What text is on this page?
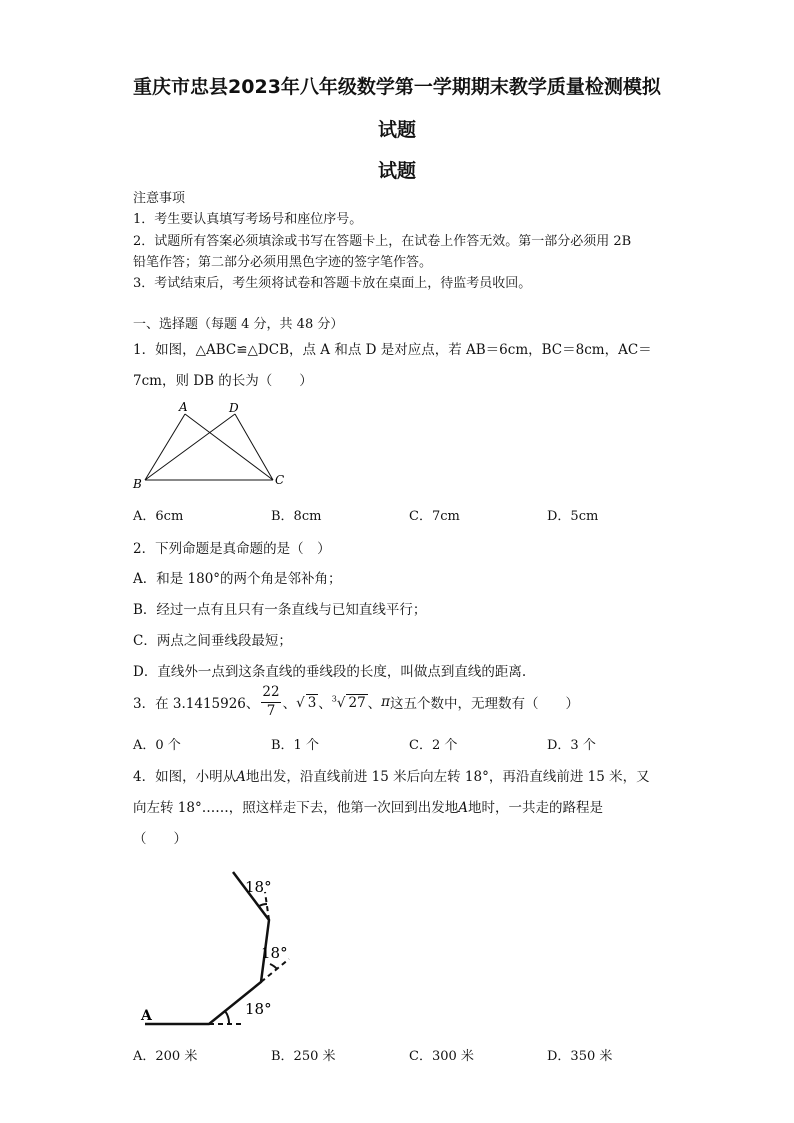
重庆市忠县2023年八年级数学第一学期期末教学质量检测模拟
试题
试题
注意事项
1．考生要认真填写考场号和座位序号。
2．试题所有答案必须填涂或书写在答题卡上，在试卷上作答无效。第一部分必须用 2B
铅笔作答；第二部分必须用黑色字迹的签字笔作答。
3．考试结束后，考生须将试卷和答题卡放在桌面上，待监考员收回。
一、选择题（每题 4 分，共 48 分）
1．如图，△ABC≌△DCB，点 A 和点 D 是对应点，若 AB＝6cm，BC＝8cm，AC＝
7cm，则 DB 的长为（　　）
A	D
B	C
A．6cm	B．8cm	C．7cm	D．5cm
2．下列命题是真命题的是（　）
A．和是 180°的两个角是邻补角；
B．经过一点有且只有一条直线与已知直线平行；
C．两点之间垂线段最短；
D．直线外一点到这条直线的垂线段的长度，叫做点到直线的距离.
3．在 3.1415926、 $\frac{22}{7}$ 、 √ 3 、 $^3$√ 27 、 π 这五个数中，无理数有（　　）
A．0 个	B．1 个	C．2 个	D．3 个
4．如图，小明从A地出发，沿直线前进 15 米后向左转 18°，再沿直线前进 15 米，又
向左转 18°……，照这样走下去，他第一次回到出发地A地时，一共走的路程是
（　　）
A	18°
18°
18°
A．200 米	B．250 米	C．300 米	D．350 米
